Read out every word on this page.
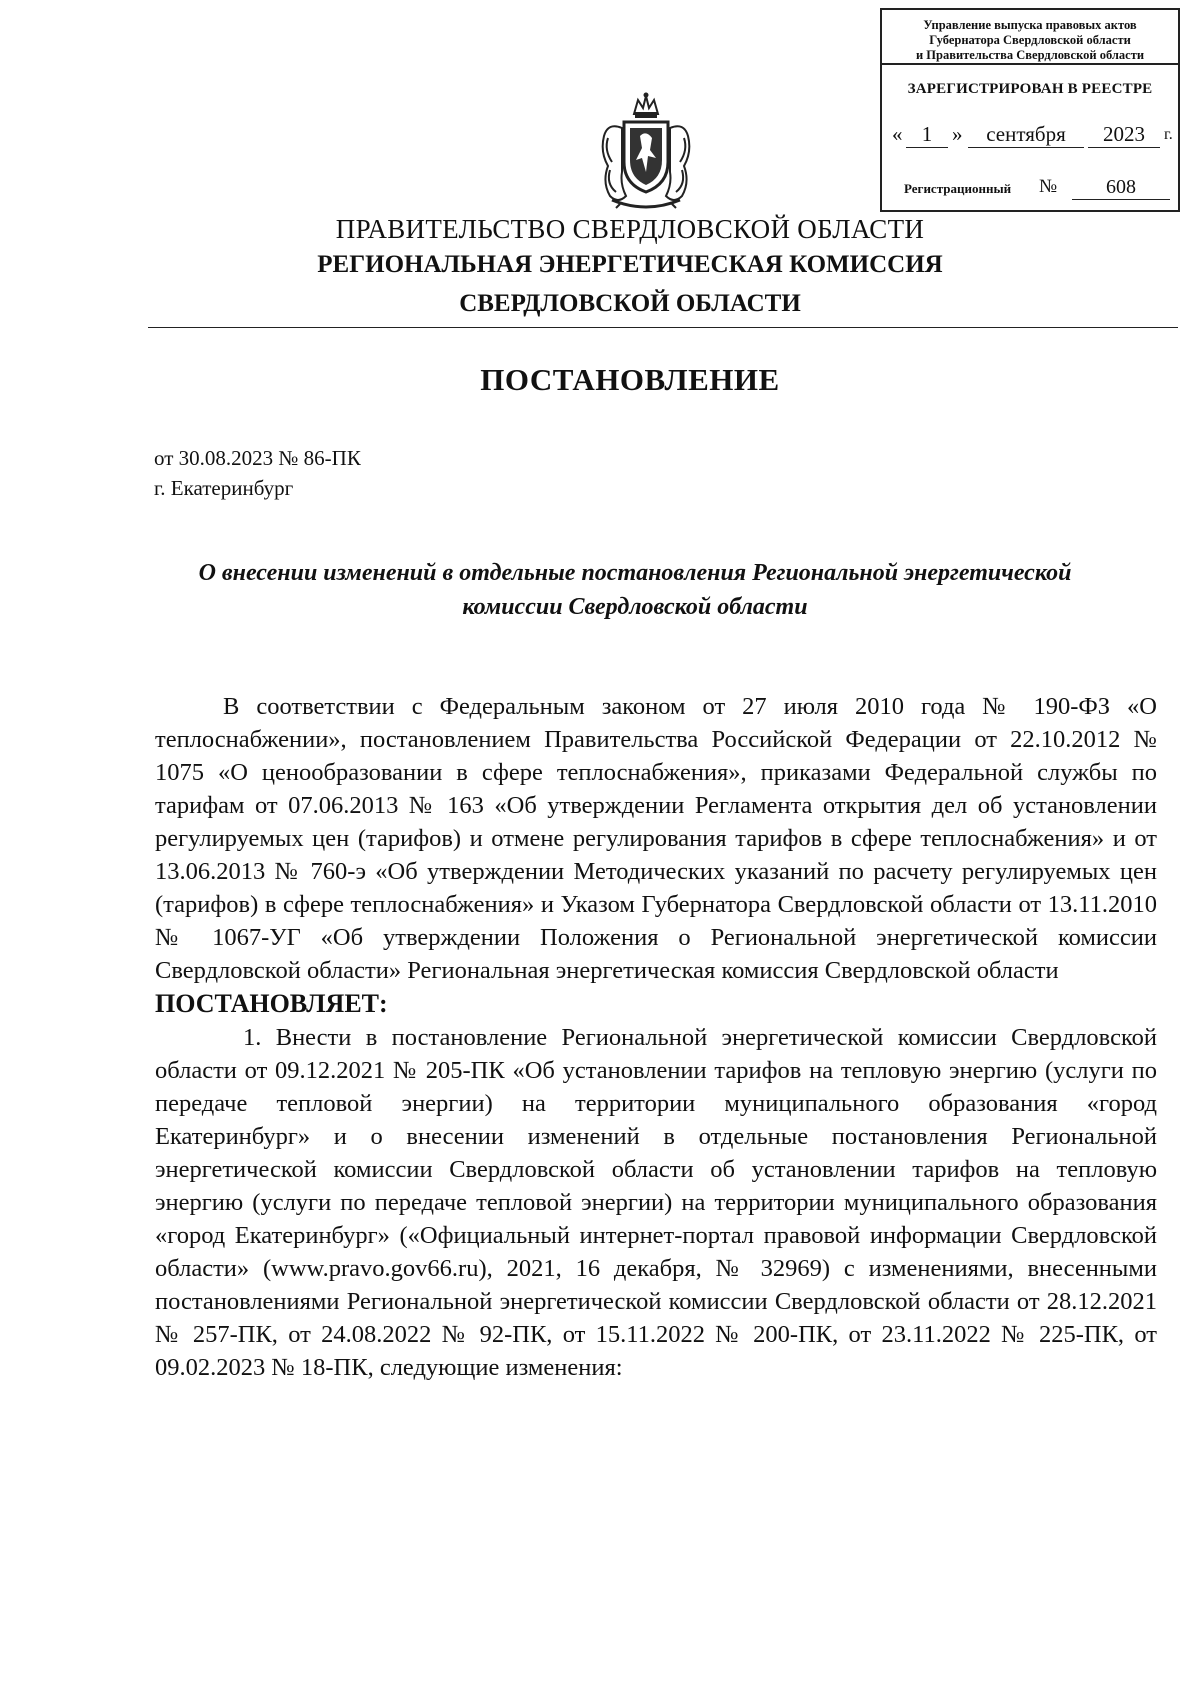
Управление выпуска правовых актов
Губернатора Свердловской области
и Правительства Свердловской области
ЗАРЕГИСТРИРОВАН В РЕЕСТРЕ
« 1 »	сентября	2023	г.
Регистрационный №	608
ПРАВИТЕЛЬСТВО СВЕРДЛОВСКОЙ ОБЛАСТИ
РЕГИОНАЛЬНАЯ ЭНЕРГЕТИЧЕСКАЯ КОМИССИЯ
СВЕРДЛОВСКОЙ ОБЛАСТИ
ПОСТАНОВЛЕНИЕ
от 30.08.2023 № 86-ПК
г. Екатеринбург
О внесении изменений в отдельные постановления Региональной энергетической комиссии Свердловской области

В соответствии с Федеральным законом от 27 июля 2010 года № 190-ФЗ «О теплоснабжении», постановлением Правительства Российской Федерации от 22.10.2012 № 1075 «О ценообразовании в сфере теплоснабжения», приказами Федеральной службы по тарифам от 07.06.2013 № 163 «Об утверждении Регламента открытия дел об установлении регулируемых цен (тарифов) и отмене регулирования тарифов в сфере теплоснабжения» и от 13.06.2013 № 760-э «Об утверждении Методических указаний по расчету регулируемых цен (тарифов) в сфере теплоснабжения» и Указом Губернатора Свердловской области от 13.11.2010 № 1067-УГ «Об утверждении Положения о Региональной энергетической комиссии Свердловской области» Региональная энергетическая комиссия Свердловской области

ПОСТАНОВЛЯЕТ:

1. Внести в постановление Региональной энергетической комиссии Свердловской области от 09.12.2021 № 205-ПК «Об установлении тарифов на тепловую энергию (услуги по передаче тепловой энергии) на территории муниципального образования «город Екатеринбург» и о внесении изменений в отдельные постановления Региональной энергетической комиссии Свердловской области об установлении тарифов на тепловую энергию (услуги по передаче тепловой энергии) на территории муниципального образования «город Екатеринбург» («Официальный интернет-портал правовой информации Свердловской области» (www.pravo.gov66.ru), 2021, 16 декабря, № 32969) с изменениями, внесенными постановлениями Региональной энергетической комиссии Свердловской области от 28.12.2021 № 257-ПК, от 24.08.2022 № 92-ПК, от 15.11.2022 № 200-ПК, от 23.11.2022 № 225-ПК, от 09.02.2023 № 18-ПК, следующие изменения:
